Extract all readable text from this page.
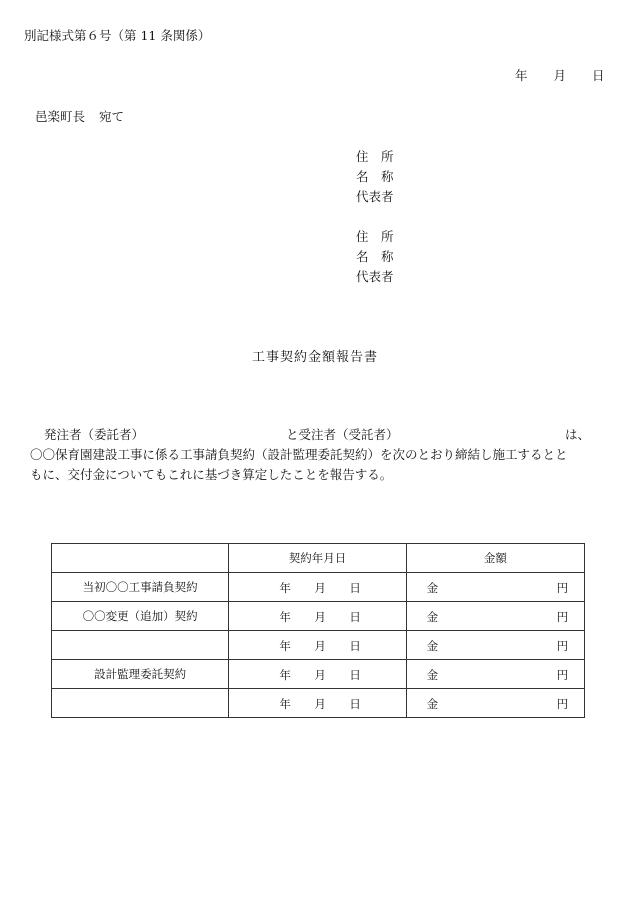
別記様式第６号（第 11 条関係）
年 月 日
邑楽町長 宛て
住　所
名　称
代表者
住　所
名　称
代表者
工事契約金額報告書
発注者（委託者）	と受注者（受託者）	は、
〇〇保育園建設工事に係る工事請負契約（設計監理委託契約）を次のとおり締結し施工するとと
もに、交付金についてもこれに基づき算定したことを報告する。
	契約年月日	金額
当初〇〇工事請負契約	年 月 日	金 円

〇〇変更（追加）契約	年 月 日	金 円

	年 月 日	金 円

設計監理委託契約	年 月 日	金 円

	年 月 日	金 円
